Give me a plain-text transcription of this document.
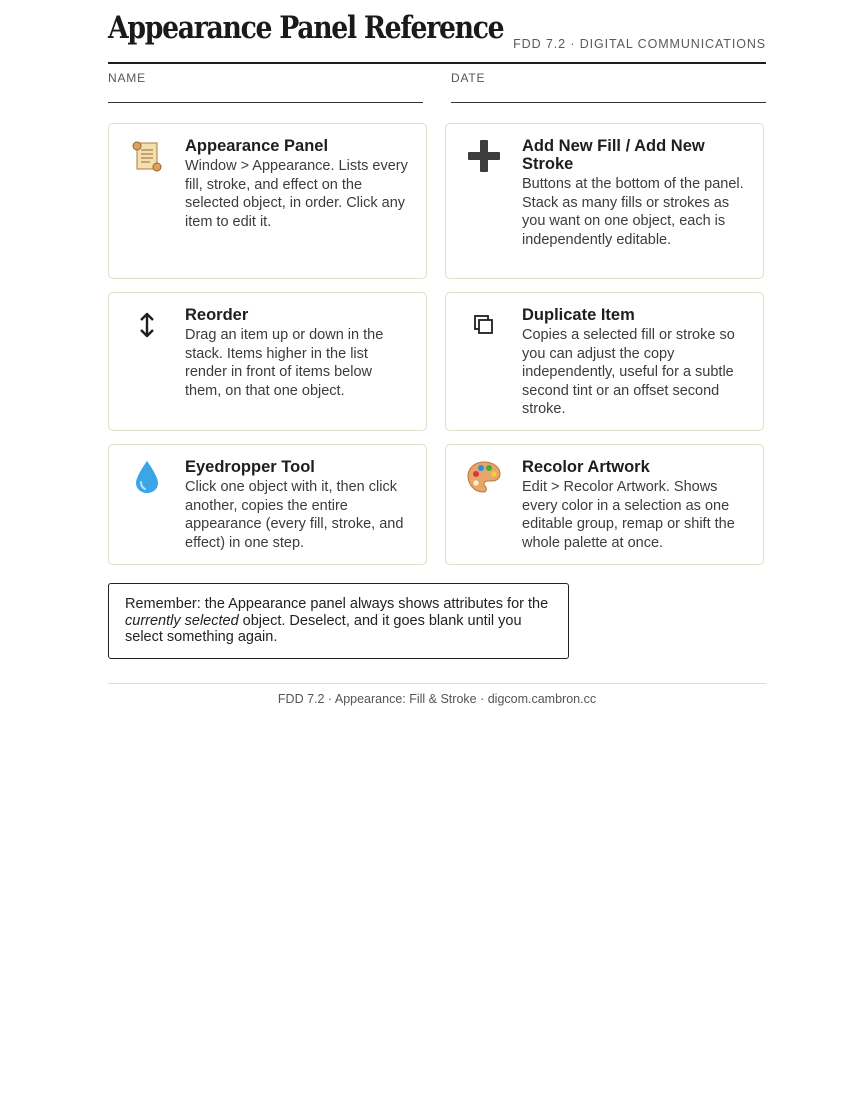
Appearance Panel Reference FDD 7.2 · DIGITAL COMMUNICATIONS
NAME	DATE
Appearance Panel
Window > Appearance. Lists every fill, stroke, and effect on the selected object, in order. Click any item to edit it.
Add New Fill / Add New Stroke
Buttons at the bottom of the panel. Stack as many fills or strokes as you want on one object, each is independently editable.
Reorder
Drag an item up or down in the stack. Items higher in the list render in front of items below them, on that one object.
Duplicate Item
Copies a selected fill or stroke so you can adjust the copy independently, useful for a subtle second tint or an offset second stroke.
Eyedropper Tool
Click one object with it, then click another, copies the entire appearance (every fill, stroke, and effect) in one step.
Recolor Artwork
Edit > Recolor Artwork. Shows every color in a selection as one editable group, remap or shift the whole palette at once.
Remember: the Appearance panel always shows attributes for the currently selected object. Deselect, and it goes blank until you select something again.
FDD 7.2 · Appearance: Fill & Stroke · digcom.cambron.cc
